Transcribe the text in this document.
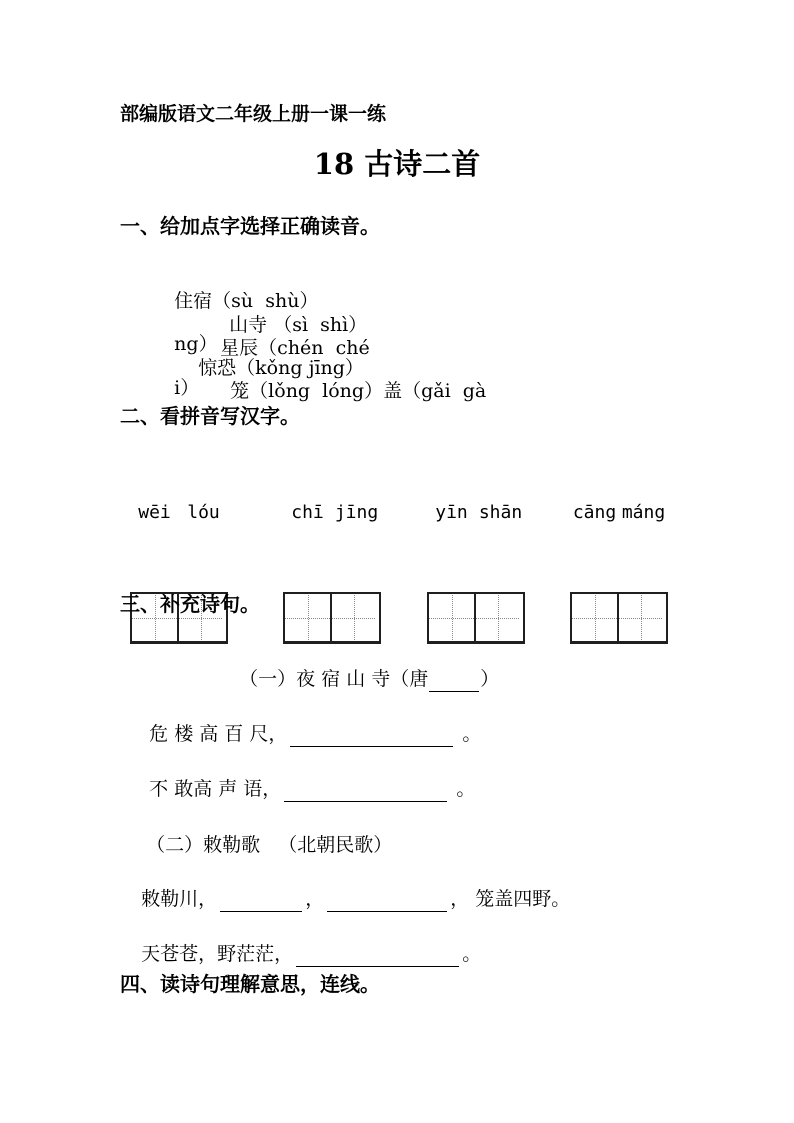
部编版语文二年级上册一课一练
18 古诗二首
一、给加点字选择正确读音。

住宿（sù  shù）
山寺 （sì  shì）
星辰（chén  ché

ng）
惊恐（kǒng jīng）
笼（lǒng  lóng）盖（gǎi  gà

i）

二、看拼音写汉字。

wēi lóu

	chī jīng

	yīn shān

	cāng máng

三、补充诗句。

（一）夜 宿 山 寺（唐	）

危 楼 高 百 尺，	。

不 敢高 声 语，	。

（二）敕勒歌   （北朝民歌）

敕勒川，	，	， 笼盖四野。

天苍苍，野茫茫，	。

四、读诗句理解意思，连线。
